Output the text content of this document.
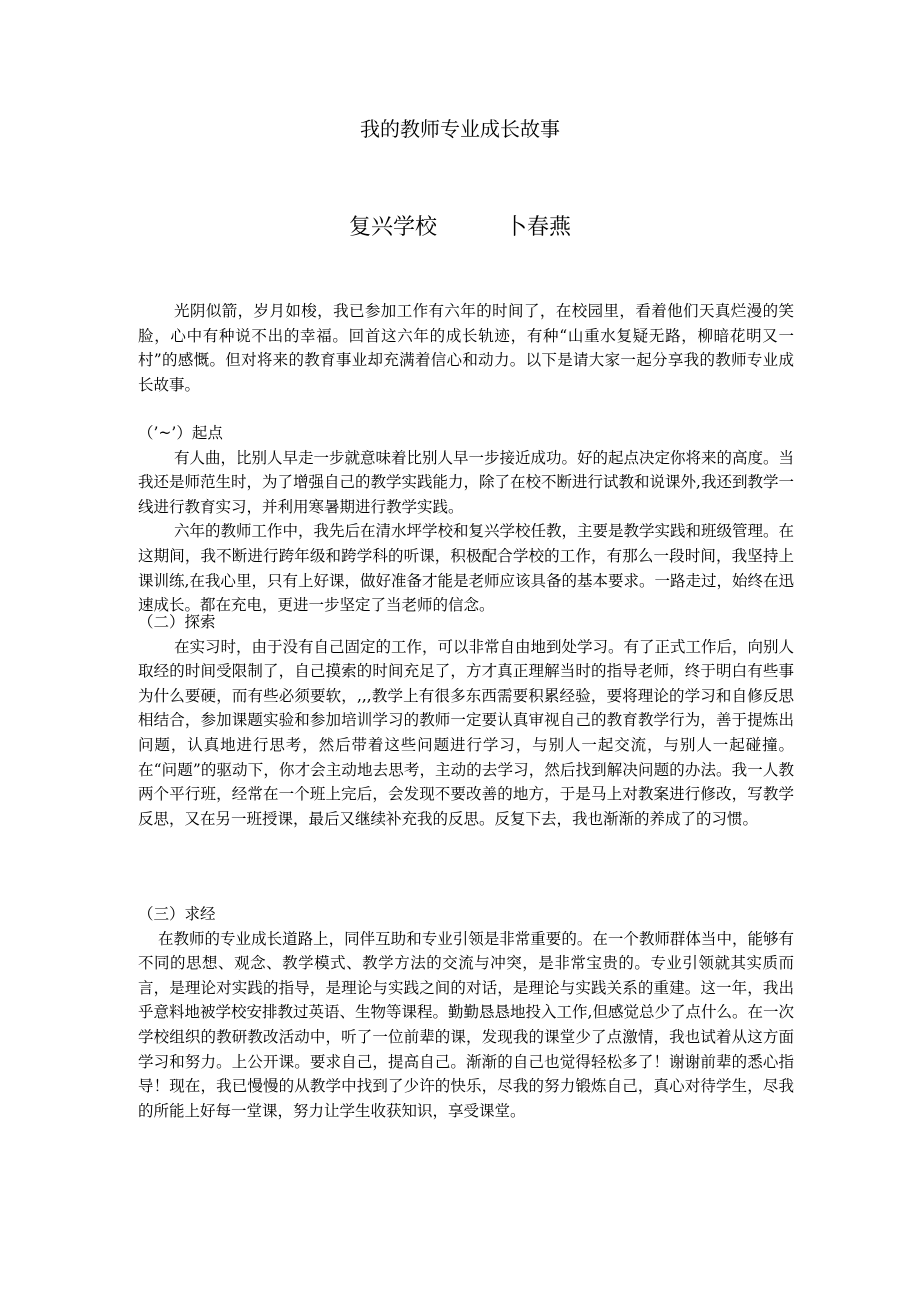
我的教师专业成长故事
复兴学校	卜春燕

光阴似箭，岁月如梭，我已参加工作有六年的时间了，在校园里，看着他们天真烂漫的笑脸，心中有种说不出的幸福。回首这六年的成长轨迹，有种“山重水复疑无路，柳暗花明又一村”的感慨。但对将来的教育事业却充满着信心和动力。以下是请大家一起分享我的教师专业成长故事。

（’~’）起点

有人曲，比别人早走一步就意味着比别人早一步接近成功。好的起点决定你将来的高度。当我还是师范生时，为了增强自己的教学实践能力，除了在校不断进行试教和说课外,我还到教学一线进行教育实习，并利用寒暑期进行教学实践。

六年的教师工作中，我先后在清水坪学校和复兴学校任教，主要是教学实践和班级管理。在这期间，我不断进行跨年级和跨学科的听课，积极配合学校的工作，有那么一段时间，我坚持上课训练,在我心里，只有上好课，做好准备才能是老师应该具备的基本要求。一路走过，始终在迅速成长。都在充电，更进一步坚定了当老师的信念。

（二）探索

在实习时，由于没有自己固定的工作，可以非常自由地到处学习。有了正式工作后，向别人取经的时间受限制了，自己摸索的时间充足了，方才真正理解当时的指导老师，终于明白有些事为什么要硬，而有些必须要软，,,,教学上有很多东西需要积累经验，要将理论的学习和自修反思相结合，参加课题实验和参加培训学习的教师一定要认真审视自己的教育教学行为，善于提炼出问题，认真地进行思考，然后带着这些问题进行学习，与别人一起交流，与别人一起碰撞。在“问题”的驱动下，你才会主动地去思考，主动的去学习，然后找到解决问题的办法。我一人教两个平行班，经常在一个班上完后，会发现不要改善的地方，于是马上对教案进行修改，写教学反思，又在另一班授课，最后又继续补充我的反思。反复下去，我也渐渐的养成了的习惯。

（三）求经

在教师的专业成长道路上，同伴互助和专业引领是非常重要的。在一个教师群体当中，能够有不同的思想、观念、教学模式、教学方法的交流与冲突，是非常宝贵的。专业引领就其实质而言，是理论对实践的指导，是理论与实践之间的对话，是理论与实践关系的重建。这一年，我出乎意料地被学校安排教过英语、生物等课程。勤勤恳恳地投入工作,但感觉总少了点什么。在一次学校组织的教研教改活动中，听了一位前辈的课，发现我的课堂少了点激情，我也试着从这方面学习和努力。上公开课。要求自己，提高自己。渐渐的自己也觉得轻松多了！谢谢前辈的悉心指导！现在，我已慢慢的从教学中找到了少许的快乐，尽我的努力锻炼自己，真心对待学生，尽我的所能上好每一堂课，努力让学生收获知识，享受课堂。
